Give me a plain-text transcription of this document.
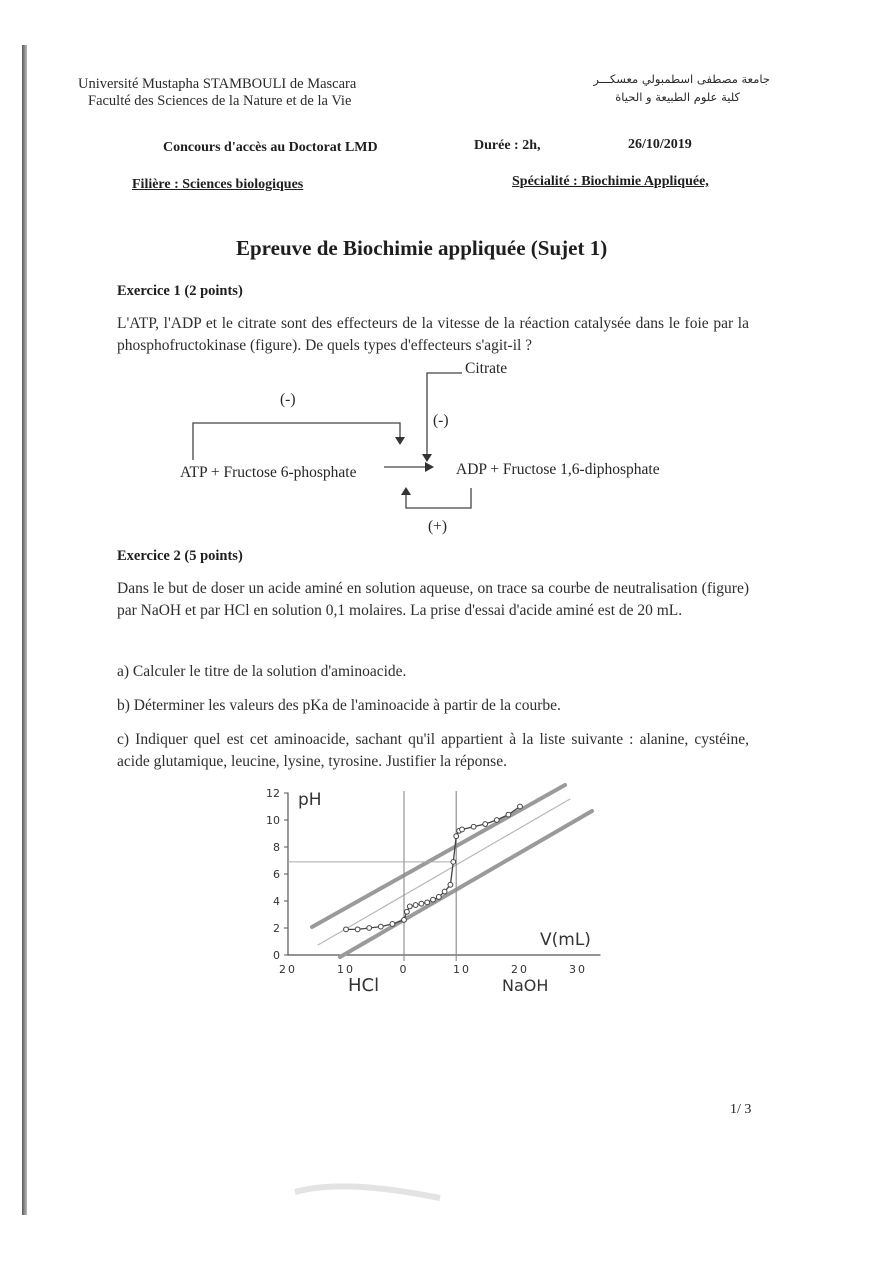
Université Mustapha STAMBOULI de Mascara
Faculté des Sciences de la Nature et de la Vie
جامعة مصطفى اسطمبولي معسكـــر
كلية علوم الطبيعة و الحياة
Concours d'accès au Doctorat LMD	Durée : 2h,	26/10/2019
Filière : Sciences biologiques	Spécialité : Biochimie Appliquée,
Epreuve de Biochimie appliquée (Sujet 1)
Exercice 1 (2 points)
L'ATP, l'ADP et le citrate sont des effecteurs de la vitesse de la réaction catalysée dans le foie par la phosphofructokinase (figure). De quels types d'effecteurs s'agit-il ?
Citrate
(-)
(-)
ATP + Fructose 6-phosphate	ADP + Fructose 1,6-diphosphate
(+)
Exercice 2 (5 points)
Dans le but de doser un acide aminé en solution aqueuse, on trace sa courbe de neutralisation (figure) par NaOH et par HCl en solution 0,1 molaires. La prise d'essai d'acide aminé est de 20 mL.
a) Calculer le titre de la solution d'aminoacide.
b) Déterminer les valeurs des pKa de l'aminoacide à partir de la courbe.
c) Indiquer quel est cet aminoacide, sachant qu'il appartient à la liste suivante : alanine, cystéine, acide glutamique, leucine, lysine, tyrosine. Justifier la réponse.
0
2
4
6
8
10
12
20	10	0	10	20	30
pH
V(mL)
HCl	NaOH
1/ 3
